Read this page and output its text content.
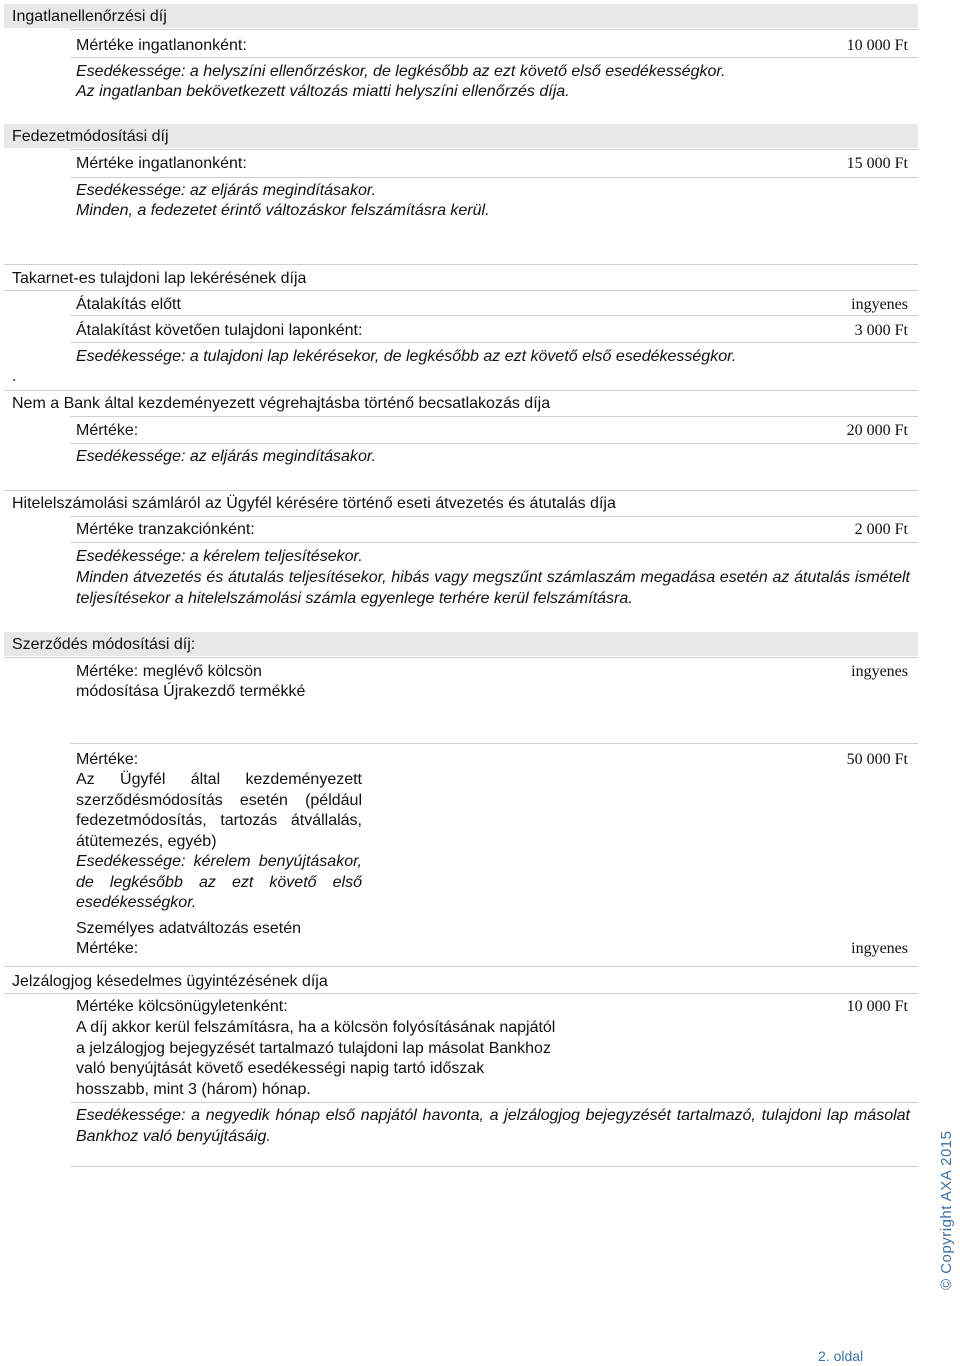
Ingatlanellenőrzési díj
Mértéke ingatlanonként:	10 000 Ft
Esedékessége: a helyszíni ellenőrzéskor, de legkésőbb az ezt követő első esedékességkor.
Az ingatlanban bekövetkezett változás miatti helyszíni ellenőrzés díja.
Fedezetmódosítási díj
Mértéke ingatlanonként:	15 000 Ft
Esedékessége: az eljárás megindításakor.
Minden, a fedezetet érintő változáskor felszámításra kerül.
Takarnet-es tulajdoni lap lekérésének díja
Átalakítás előtt	ingyenes
Átalakítást követően tulajdoni laponként:	3 000 Ft
Esedékessége: a tulajdoni lap lekérésekor, de legkésőbb az ezt követő első esedékességkor.
.
Nem a Bank által kezdeményezett végrehajtásba történő becsatlakozás díja
Mértéke:	20 000 Ft
Esedékessége: az eljárás megindításakor.
Hitelelszámolási számláról az Ügyfél kérésére történő eseti átvezetés és átutalás díja
Mértéke tranzakciónként:	2 000 Ft
Esedékessége: a kérelem teljesítésekor.
Minden átvezetés és átutalás teljesítésekor, hibás vagy megszűnt számlaszám megadása esetén az átutalás ismételt teljesítésekor a hitelelszámolási számla egyenlege terhére kerül felszámításra.
Szerződés módosítási díj:
Mértéke: meglévő kölcsön
módosítása Újrakezdő termékké
ingyenes
Mértéke:	50 000 Ft
Az Ügyfél által kezdeményezett szerződésmódosítás esetén (például fedezetmódosítás, tartozás átvállalás, átütemezés, egyéb)
Esedékessége: kérelem benyújtásakor, de legkésőbb az ezt követő első esedékességkor.
Személyes adatváltozás esetén
Mértéke:	ingyenes
Jelzálogjog késedelmes ügyintézésének díja
Mértéke kölcsönügyletenként:	10 000 Ft
A díj akkor kerül felszámításra, ha a kölcsön folyósításának napjától a jelzálogjog bejegyzését tartalmazó tulajdoni lap másolat Bankhoz való benyújtását követő esedékességi napig tartó időszak hosszabb, mint 3 (három) hónap.
Esedékessége: a negyedik hónap első napjától havonta, a jelzálogjog bejegyzését tartalmazó, tulajdoni lap másolat Bankhoz való benyújtásáig.	© Copyright AXA 2015
2. oldal
